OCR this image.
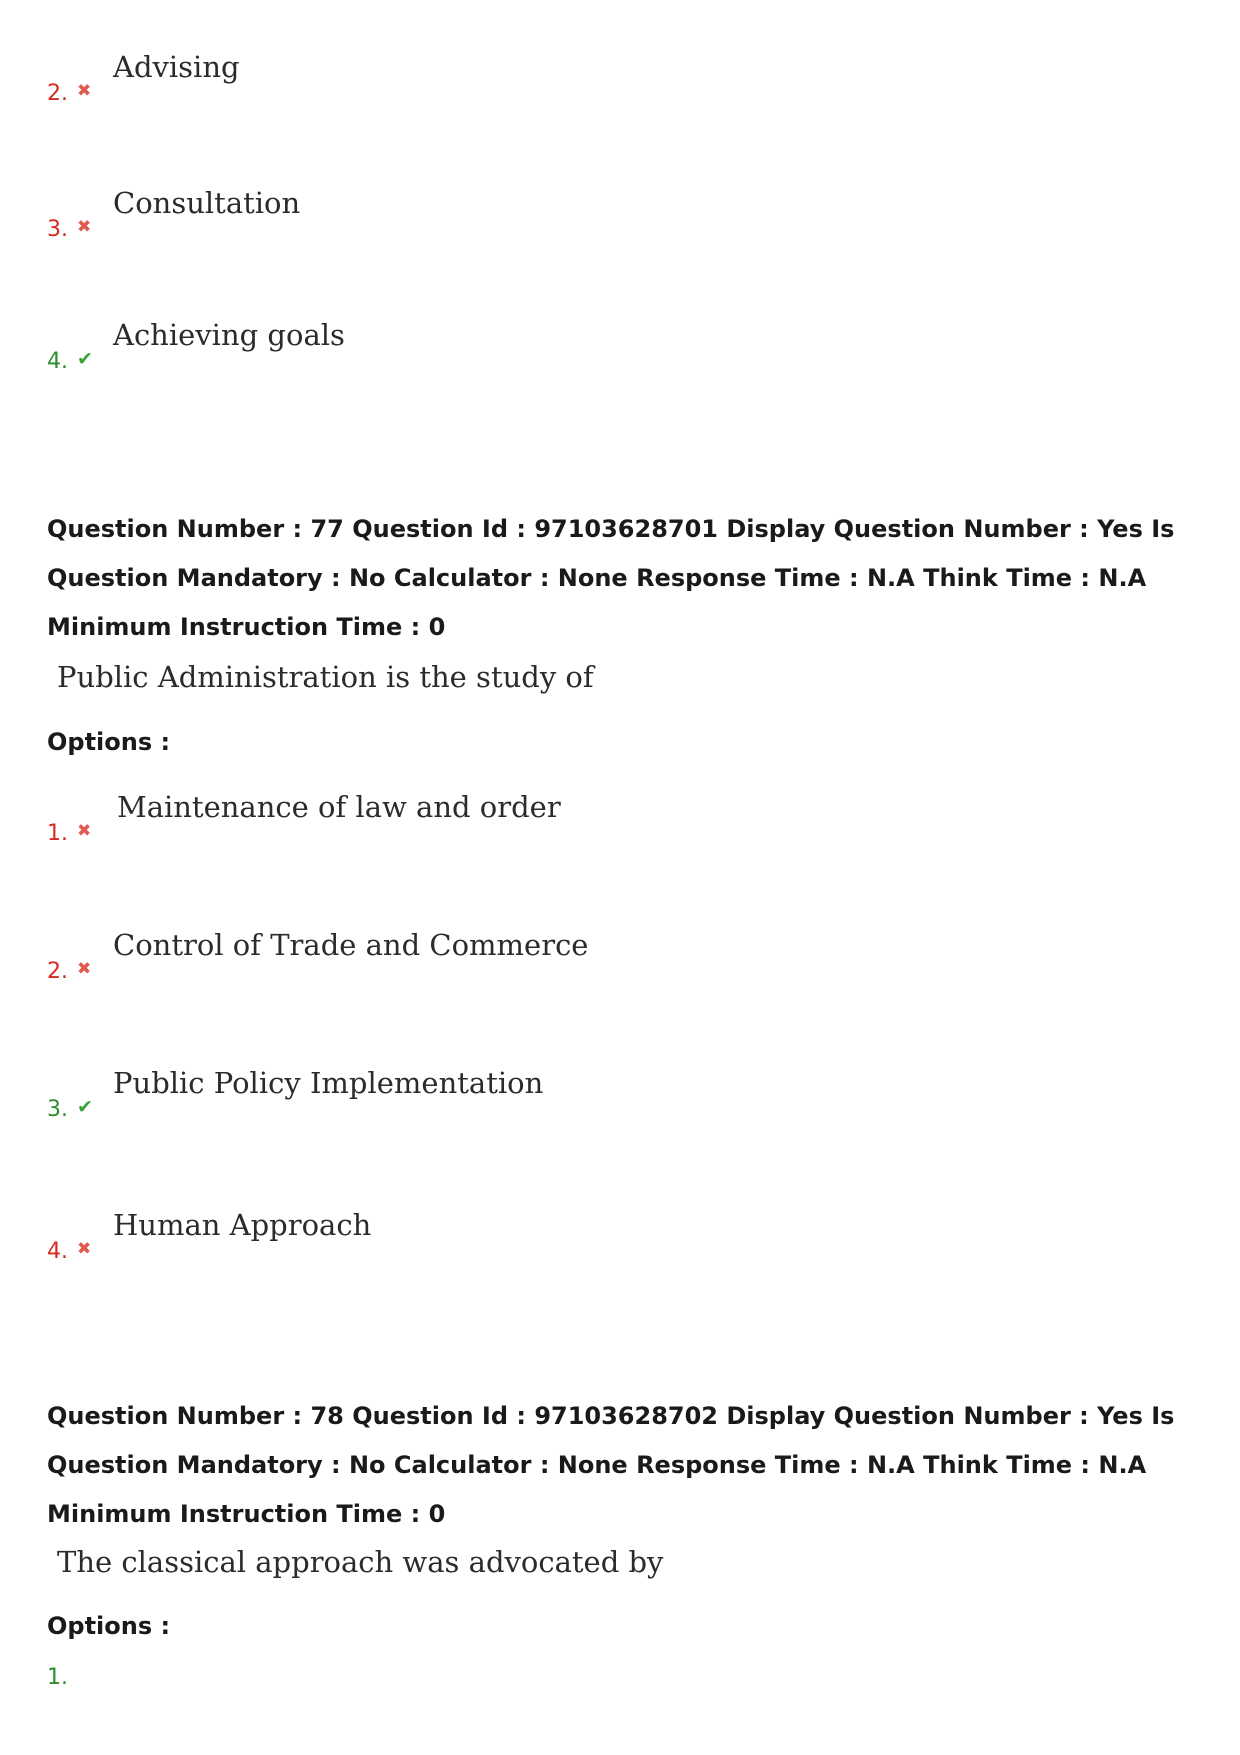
2. ✖
Advising
3. ✖
Consultation
4. ✔
Achieving goals
Question Number : 77 Question Id : 97103628701 Display Question Number : Yes Is Question Mandatory : No Calculator : None Response Time : N.A Think Time : N.A Minimum Instruction Time : 0
Public Administration is the study of
Options :
1. ✖
Maintenance of law and order
2. ✖
Control of Trade and Commerce
3. ✔
Public Policy Implementation
4. ✖
Human Approach
Question Number : 78 Question Id : 97103628702 Display Question Number : Yes Is Question Mandatory : No Calculator : None Response Time : N.A Think Time : N.A Minimum Instruction Time : 0
The classical approach was advocated by
Options :
1.
